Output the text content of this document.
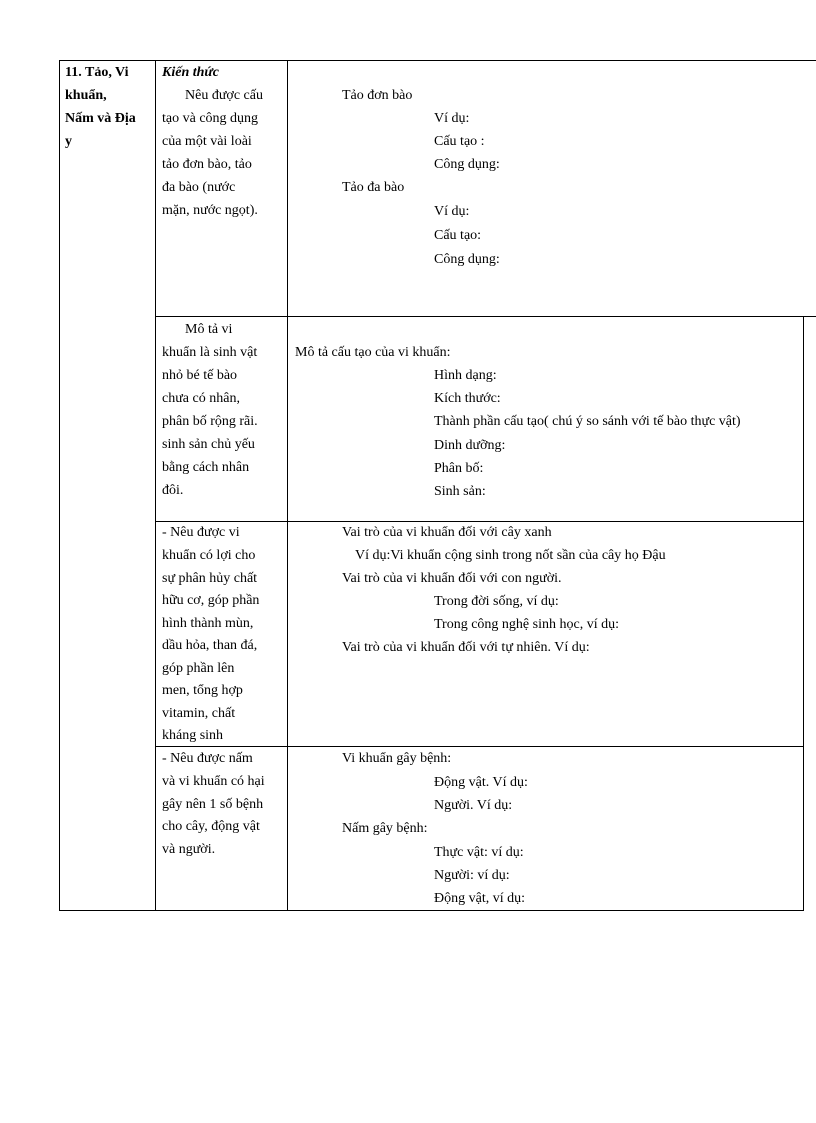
11. Tảo, Vi
khuẩn,
Nấm và Địa
y
Kiến thức
Nêu được cấu
tạo và công dụng
của một vài loài
tảo đơn bào, tảo
đa bào (nước
mặn, nước ngọt).
Tảo đơn bào
Ví dụ:
Cấu tạo :
Công dụng:
Tảo đa bào
Ví dụ:
Cấu tạo:
Công dụng:
Mô tả vi
khuẩn là sinh vật
nhỏ bé tế bào
chưa có nhân,
phân bố rộng rãi.
sinh sản chủ yếu
bằng cách nhân
đôi.
Mô tả cấu tạo của vi khuẩn:
Hình dạng:
Kích thước:
Thành phần cấu tạo( chú ý so sánh với tế bào thực vật)
Dinh dưỡng:
Phân bố:
Sinh sản:
- Nêu được vi
khuẩn có lợi cho
sự phân hủy chất
hữu cơ, góp phần
hình thành mùn,
dầu hỏa, than đá,
góp phần lên
men, tổng hợp
vitamin, chất
kháng sinh
Vai trò của vi khuẩn đối với cây xanh
Ví dụ:Vi khuẩn cộng sinh trong nốt sần của cây họ Đậu
Vai trò của vi khuẩn đối với con người.
Trong đời sống, ví dụ:
Trong công nghệ sinh học, ví dụ:
Vai trò của vi khuẩn đối với tự nhiên. Ví dụ:
- Nêu được nấm
và vi khuẩn có hại
gây nên 1 số bệnh
cho cây, động vật
và người.
Vi khuẩn gây bệnh:
Động vật. Ví dụ:
Người. Ví dụ:
Nấm gây bệnh:
Thực vật: ví dụ:
Người: ví dụ:
Động vật, ví dụ:
